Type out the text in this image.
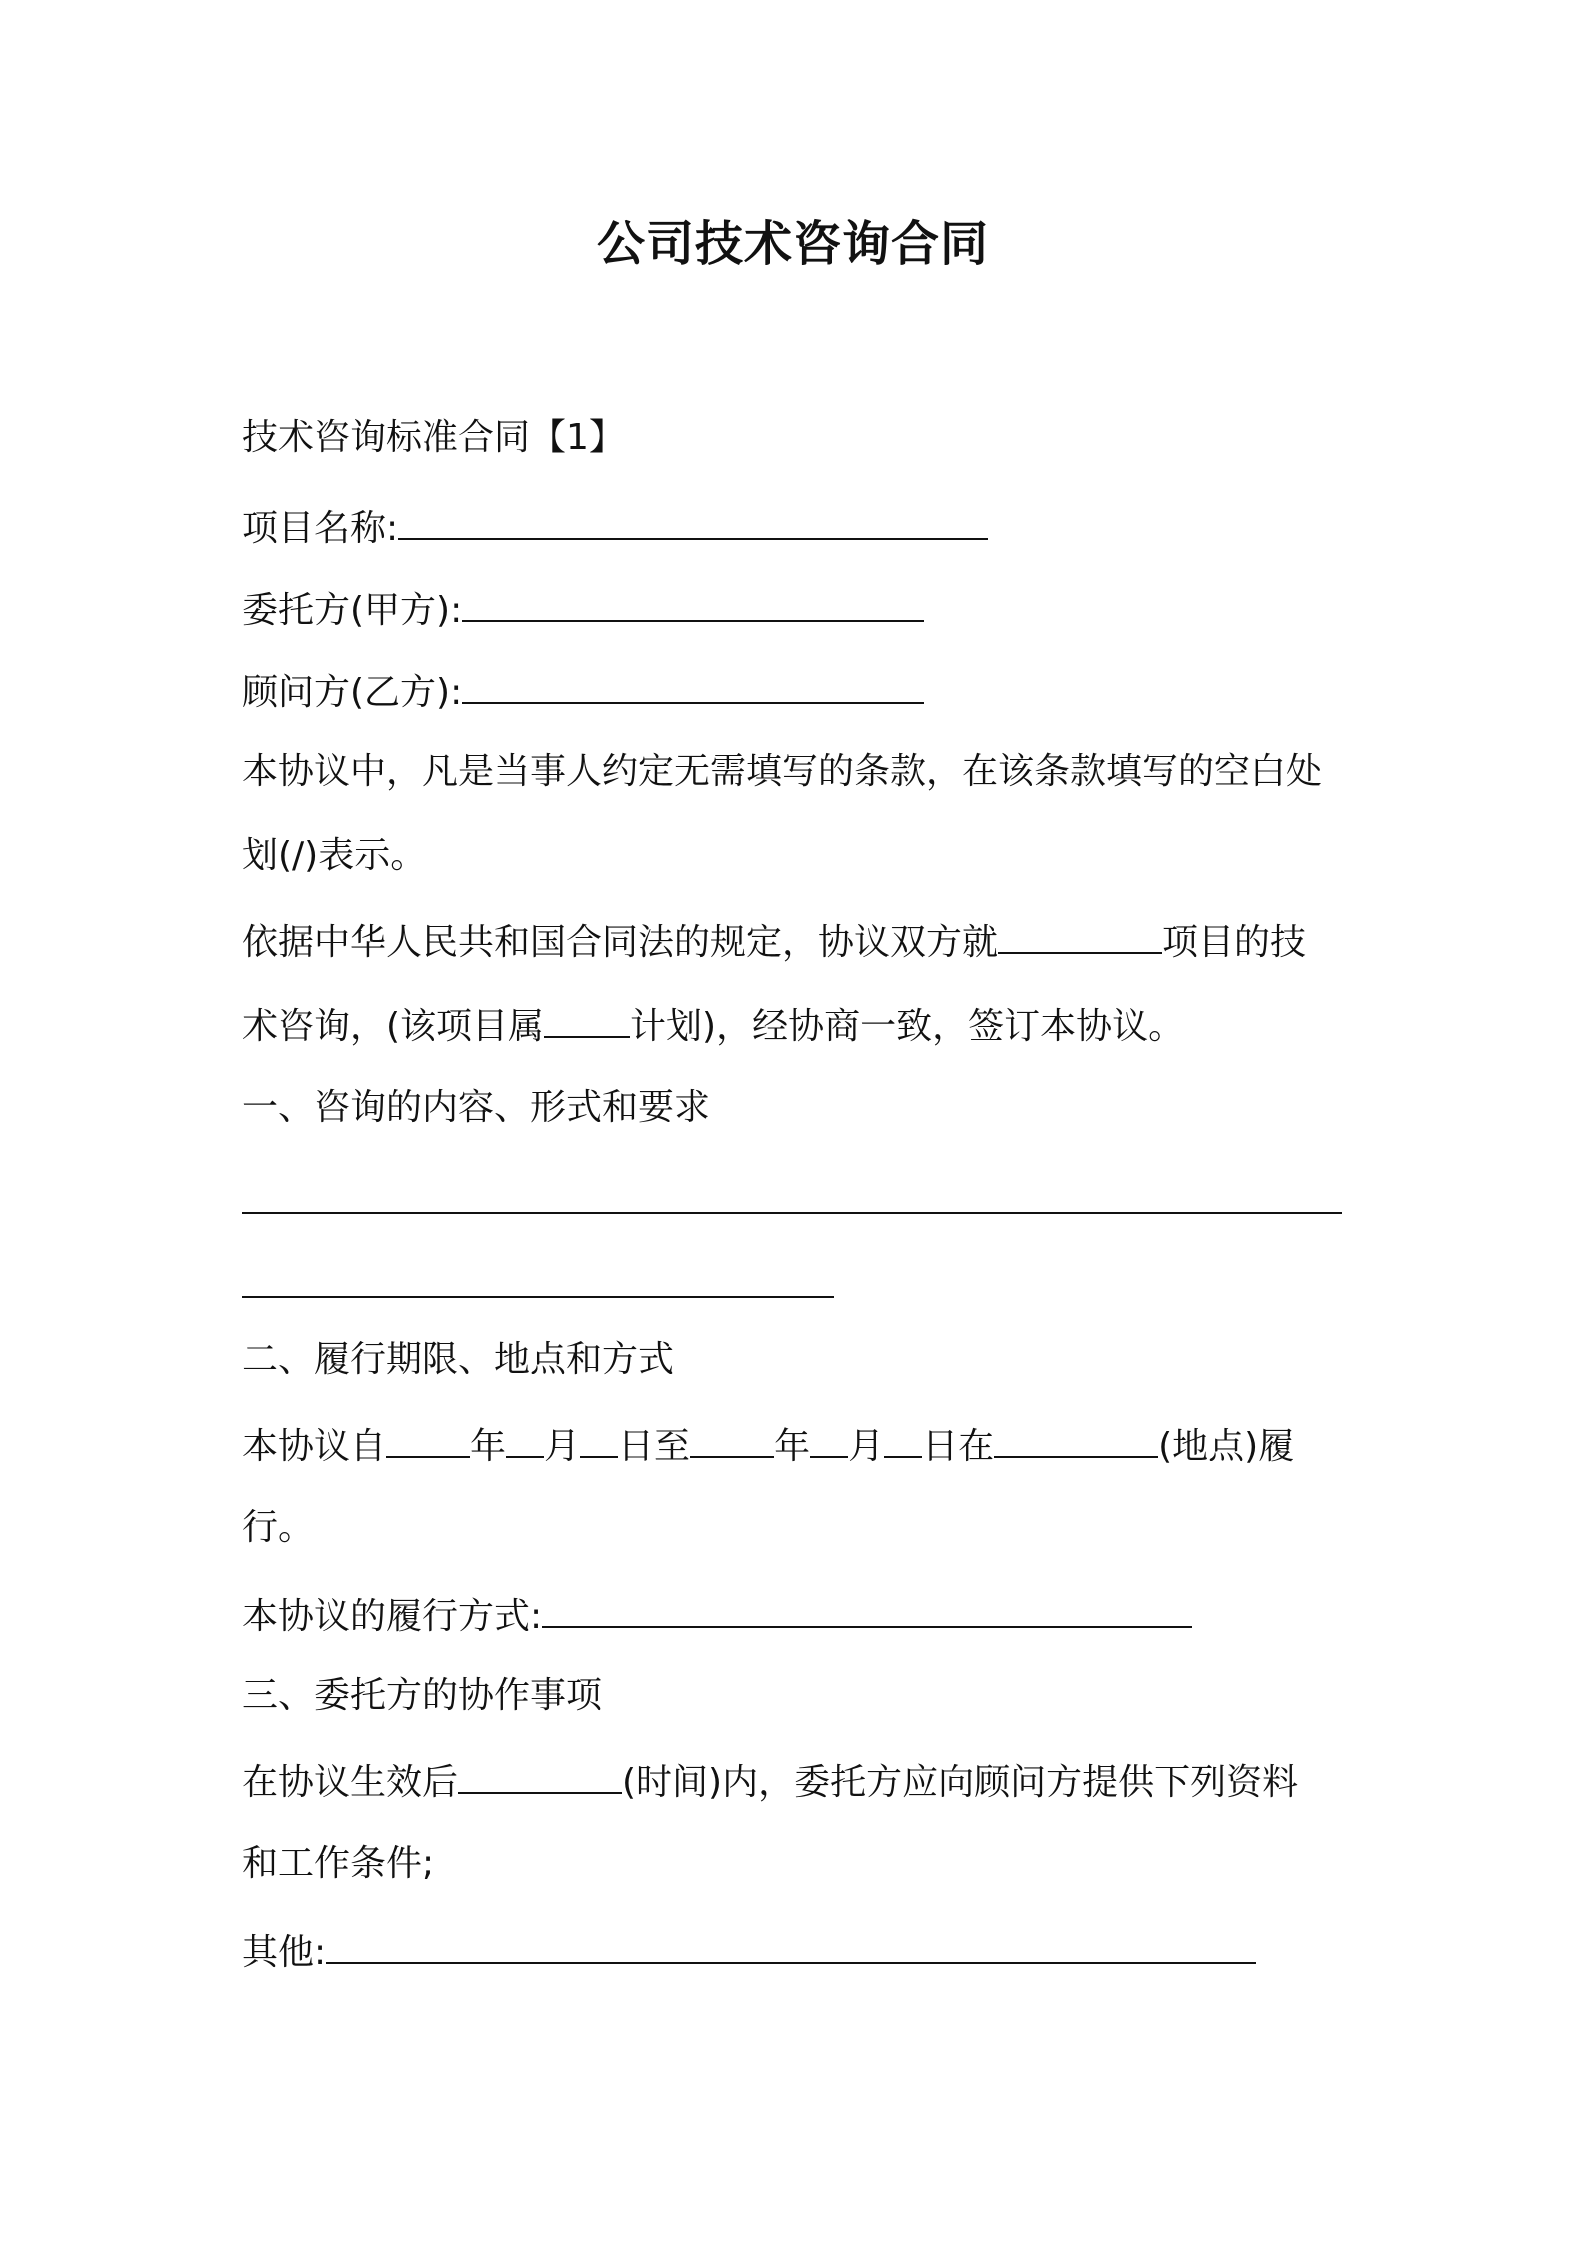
公司技术咨询合同
技术咨询标准合同【1】
项目名称:
委托方(甲方):
顾问方(乙方):
本协议中，凡是当事人约定无需填写的条款，在该条款填写的空白处
划(/)表示。
依据中华人民共和国合同法的规定，协议双方就	项目的技
术咨询，(该项目属 计划)，经协商一致，签订本协议。
一、咨询的内容、形式和要求
二、履行期限、地点和方式
本协议自 年 月 日至 年 月 日在	(地点)履
行。
本协议的履行方式:
三、委托方的协作事项
在协议生效后	(时间)内，委托方应向顾问方提供下列资料
和工作条件;
其他:
